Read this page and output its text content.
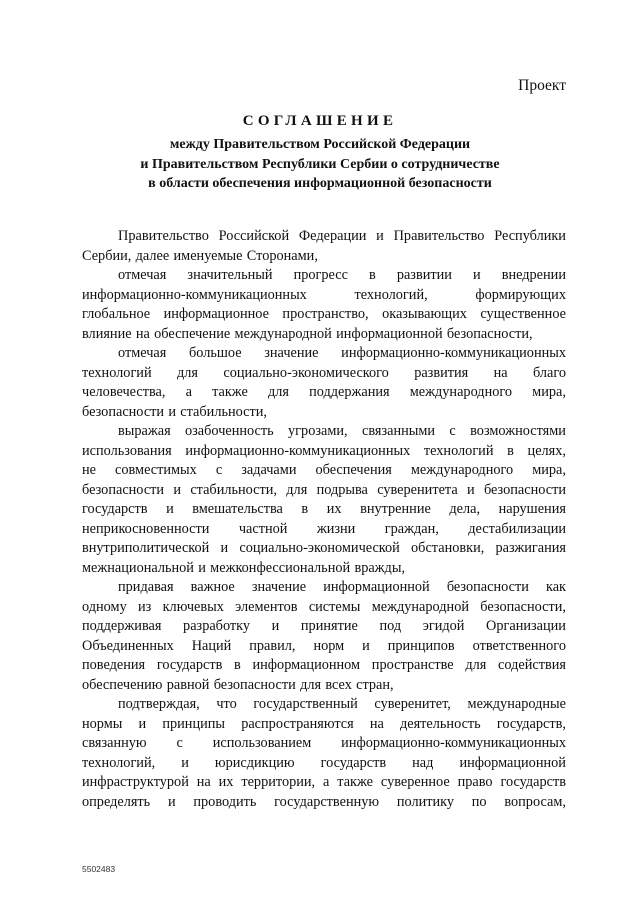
Проект
СОГЛАШЕНИЕ
между Правительством Российской Федерации
и Правительством Республики Сербии о сотрудничестве
в области обеспечения информационной безопасности
Правительство Российской Федерации и Правительство Республики
Сербии, далее именуемые Сторонами,
отмечая значительный прогресс в развитии и внедрении
информационно-коммуникационных	технологий,	формирующих
глобальное информационное пространство, оказывающих существенное
влияние на обеспечение международной информационной безопасности,
отмечая большое значение информационно-коммуникационных
технологий для социально-экономического развития на благо
человечества, а также для поддержания международного мира,
безопасности и стабильности,
выражая озабоченность угрозами, связанными с возможностями
использования информационно-коммуникационных технологий в целях,
не совместимых с задачами обеспечения международного мира,
безопасности и стабильности, для подрыва суверенитета и безопасности
государств и вмешательства в их внутренние дела, нарушения
неприкосновенности частной жизни граждан, дестабилизации
внутриполитической и социально-экономической обстановки, разжигания
межнациональной и межконфессиональной вражды,
придавая важное значение информационной безопасности как
одному из ключевых элементов системы международной безопасности,
поддерживая разработку и принятие под эгидой Организации
Объединенных Наций правил, норм и принципов ответственного
поведения государств в информационном пространстве для содействия
обеспечению равной безопасности для всех стран,
подтверждая, что государственный суверенитет, международные
нормы и принципы распространяются на деятельность государств,
связанную с использованием информационно-коммуникационных
технологий, и юрисдикцию государств над информационной
инфраструктурой на их территории, а также суверенное право государств
определять и проводить государственную политику по вопросам,
5502483
